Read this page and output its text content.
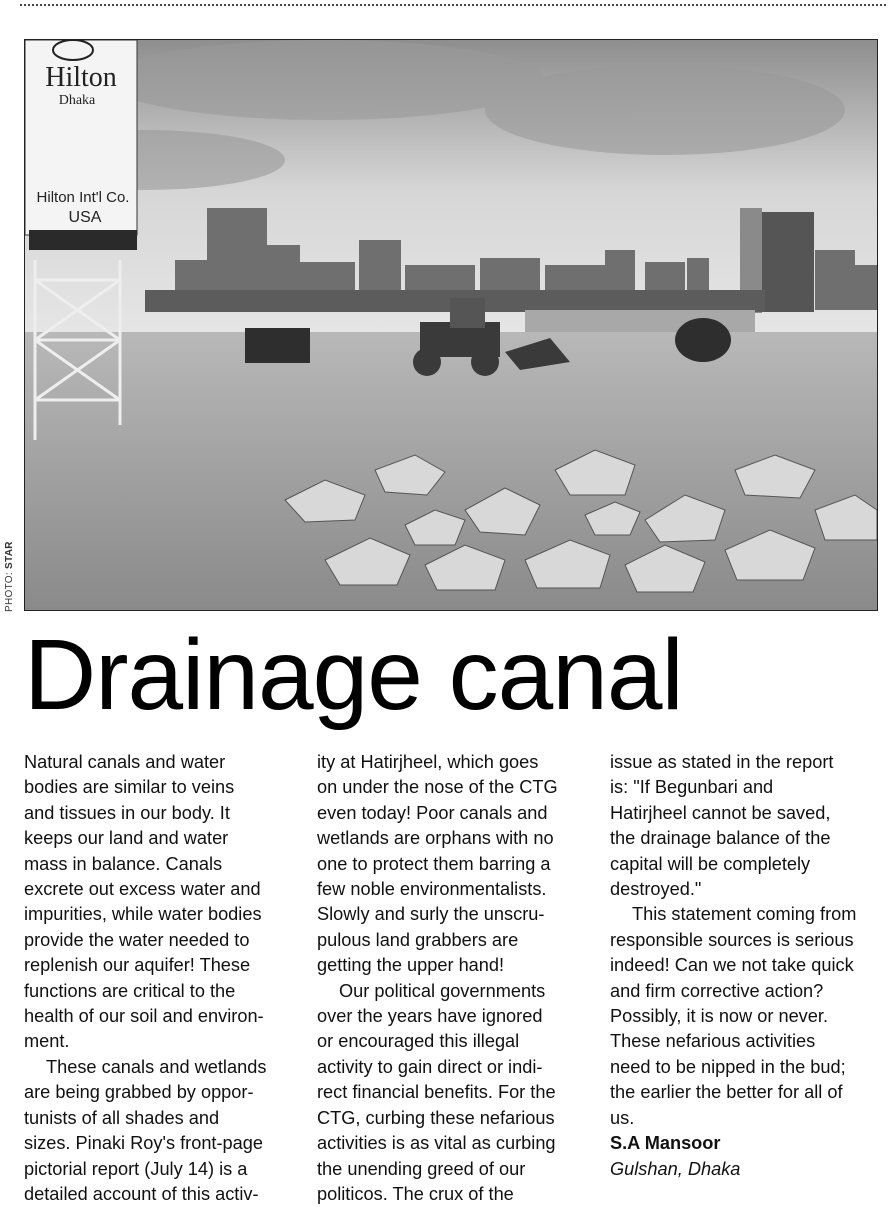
Hilton
Dhaka
Hilton Int'l Co.
USA
PHOTO: STAR
Drainage canal

Natural canals and water

bodies are similar to veins

and tissues in our body. It

keeps our land and water

mass in balance. Canals

excrete out excess water and

impurities, while water bodies

provide the water needed to

replenish our aquifer! These

functions are critical to the

health of our soil and environ-

ment.

These canals and wetlands

are being grabbed by oppor-

tunists of all shades and

sizes. Pinaki Roy's front-page

pictorial report (July 14) is a

detailed account of this activ-

ity at Hatirjheel, which goes

on under the nose of the CTG

even today! Poor canals and

wetlands are orphans with no

one to protect them barring a

few noble environmentalists.

Slowly and surly the unscru-

pulous land grabbers are

getting the upper hand!

Our political governments

over the years have ignored

or encouraged this illegal

activity to gain direct or indi-

rect financial benefits. For the

CTG, curbing these nefarious

activities is as vital as curbing

the unending greed of our

politicos. The crux of the

issue as stated in the report

is: "If Begunbari and

Hatirjheel cannot be saved,

the drainage balance of the

capital will be completely

destroyed."

This statement coming from

responsible sources is serious

indeed! Can we not take quick

and firm corrective action?

Possibly, it is now or never.

These nefarious activities

need to be nipped in the bud;

the earlier the better for all of

us.

S.A Mansoor

Gulshan, Dhaka
